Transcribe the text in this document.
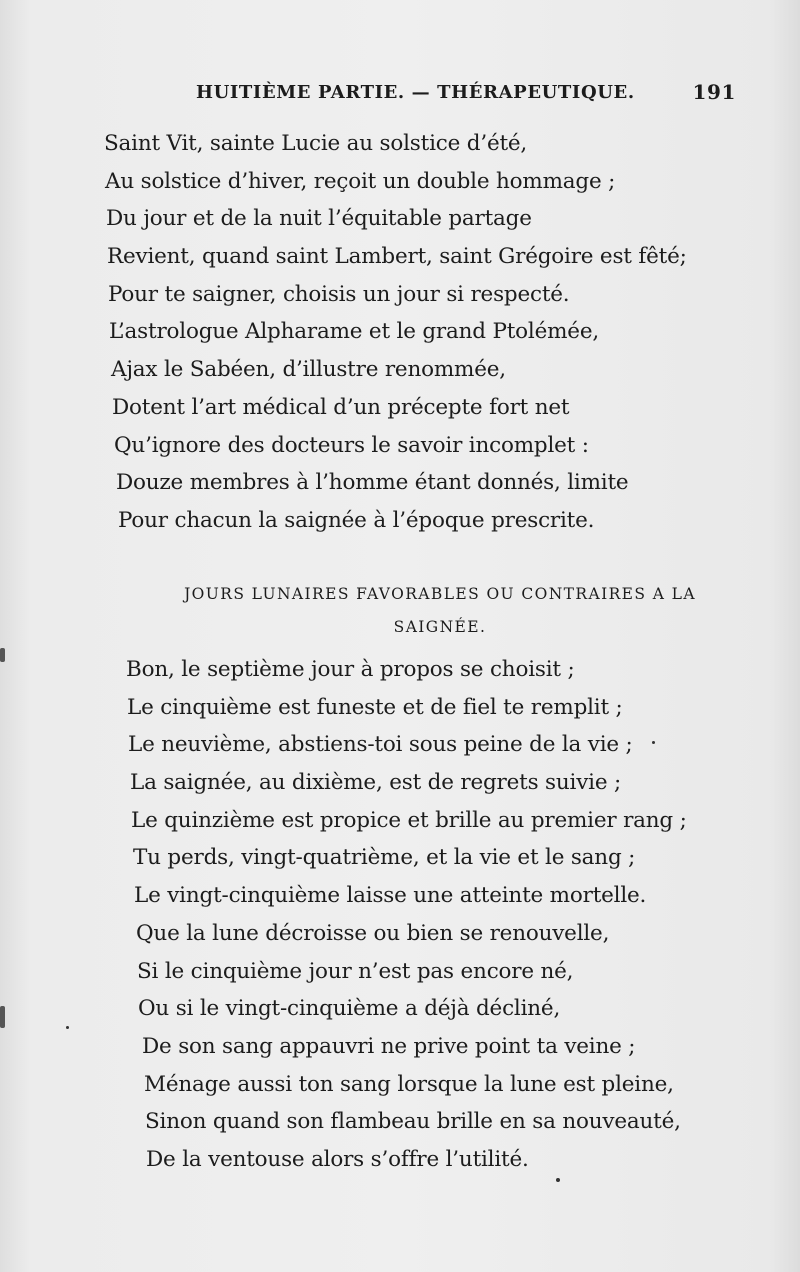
HUITIÈME PARTIE. — THÉRAPEUTIQUE.	191
Saint Vit, sainte Lucie au solstice d’été,
Au solstice d’hiver, reçoit un double hommage ;
Du jour et de la nuit l’équitable partage
Revient, quand saint Lambert, saint Grégoire est fêté;
Pour te saigner, choisis un jour si respecté.
L’astrologue Alpharame et le grand Ptolémée,
Ajax le Sabéen, d’illustre renommée,
Dotent l’art médical d’un précepte fort net
Qu’ignore des docteurs le savoir incomplet :
Douze membres à l’homme étant donnés, limite
Pour chacun la saignée à l’époque prescrite.
JOURS LUNAIRES FAVORABLES OU CONTRAIRES A LA
SAIGNÉE.
Bon, le septième jour à propos se choisit ;
Le cinquième est funeste et de fiel te remplit ;
Le neuvième, abstiens-toi sous peine de la vie ;
La saignée, au dixième, est de regrets suivie ;
Le quinzième est propice et brille au premier rang ;
Tu perds, vingt-quatrième, et la vie et le sang ;
Le vingt-cinquième laisse une atteinte mortelle.
Que la lune décroisse ou bien se renouvelle,
Si le cinquième jour n’est pas encore né,
Ou si le vingt-cinquième a déjà décliné,
De son sang appauvri ne prive point ta veine ;
Ménage aussi ton sang lorsque la lune est pleine,
Sinon quand son flambeau brille en sa nouveauté,
De la ventouse alors s’offre l’utilité.
